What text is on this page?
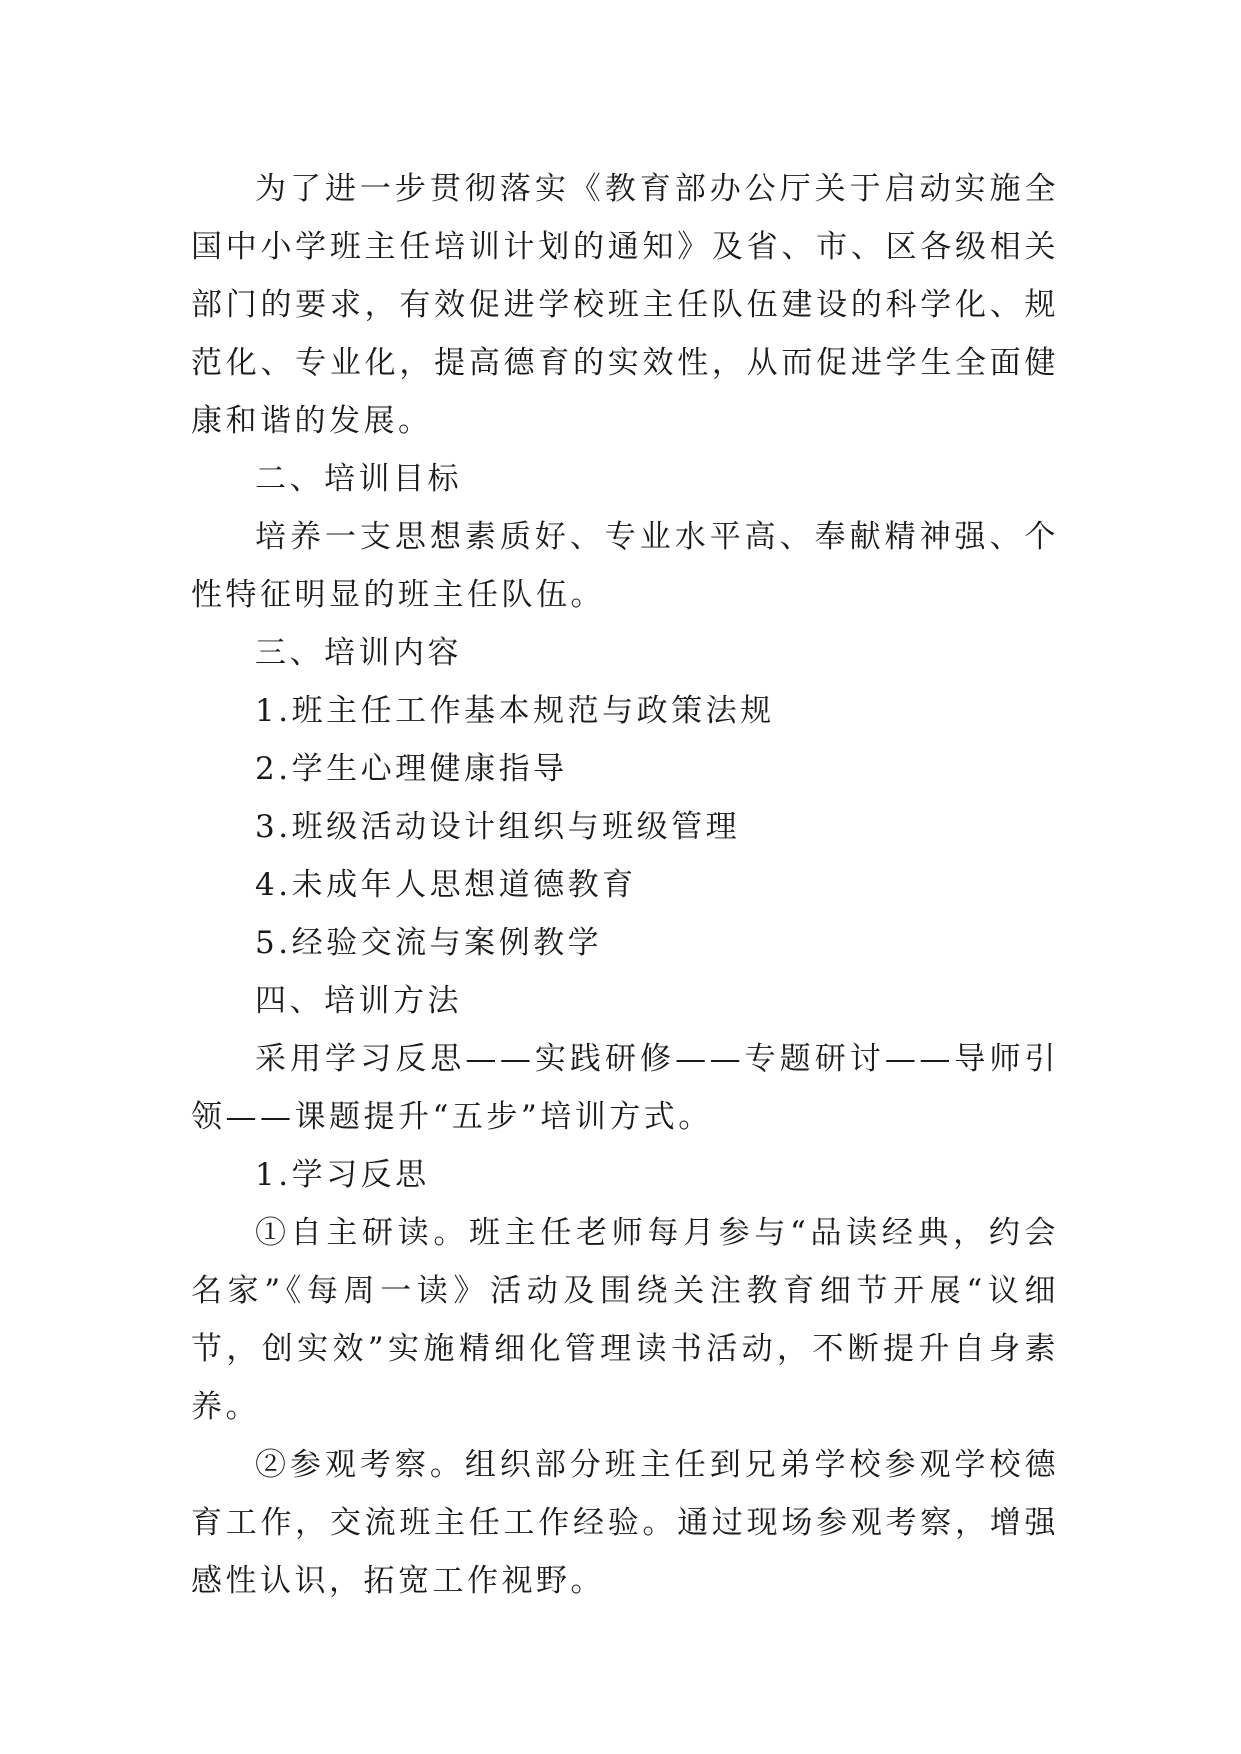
为了进一步贯彻落实《教育部办公厅关于启动实施全国中小学班主任培训计划的通知》及省、市、区各级相关部门的要求，有效促进学校班主任队伍建设的科学化、规范化、专业化，提高德育的实效性，从而促进学生全面健康和谐的发展。

二、培训目标

培养一支思想素质好、专业水平高、奉献精神强、个性特征明显的班主任队伍。

三、培训内容

1.班主任工作基本规范与政策法规

2.学生心理健康指导

3.班级活动设计组织与班级管理

4.未成年人思想道德教育

5.经验交流与案例教学

四、培训方法

采用学习反思——实践研修——专题研讨——导师引领——课题提升“五步”培训方式。

1.学习反思

①自主研读。班主任老师每月参与“品读经典，约会名家”《每周一读》活动及围绕关注教育细节开展“议细节，创实效”实施精细化管理读书活动，不断提升自身素养。

②参观考察。组织部分班主任到兄弟学校参观学校德育工作，交流班主任工作经验。通过现场参观考察，增强感性认识，拓宽工作视野。
